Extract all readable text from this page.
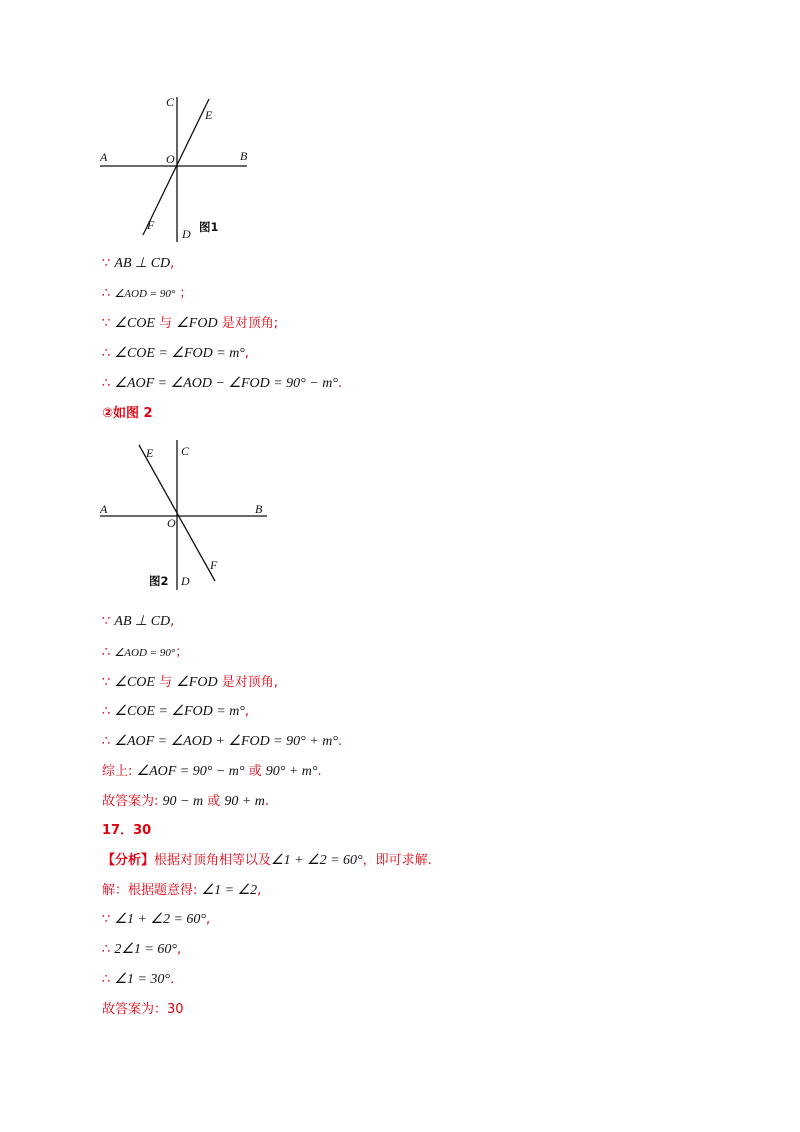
C
E
A	O	B
F
D 图1
∵ AB ⊥ CD,
∴ ∠AOD = 90° ；
∵ ∠COE 与 ∠FOD 是对顶角;
∴ ∠COE = ∠FOD = m°,
∴ ∠AOF = ∠AOD − ∠FOD = 90° − m°.
②如图 2
E C
A	B
O
F
图2 D
∵ AB ⊥ CD,
∴ ∠AOD = 90°；
∵ ∠COE 与 ∠FOD 是对顶角,
∴ ∠COE = ∠FOD = m°,
∴ ∠AOF = ∠AOD + ∠FOD = 90° + m°.
综上: ∠AOF = 90° − m° 或 90° + m°.
故答案为: 90 − m 或 90 + m.
17．30
【分析】根据对顶角相等以及∠1 + ∠2 = 60°，即可求解.
解：根据题意得: ∠1 = ∠2,
∵ ∠1 + ∠2 = 60°,
∴ 2∠1 = 60°,
∴ ∠1 = 30°.
故答案为：30
